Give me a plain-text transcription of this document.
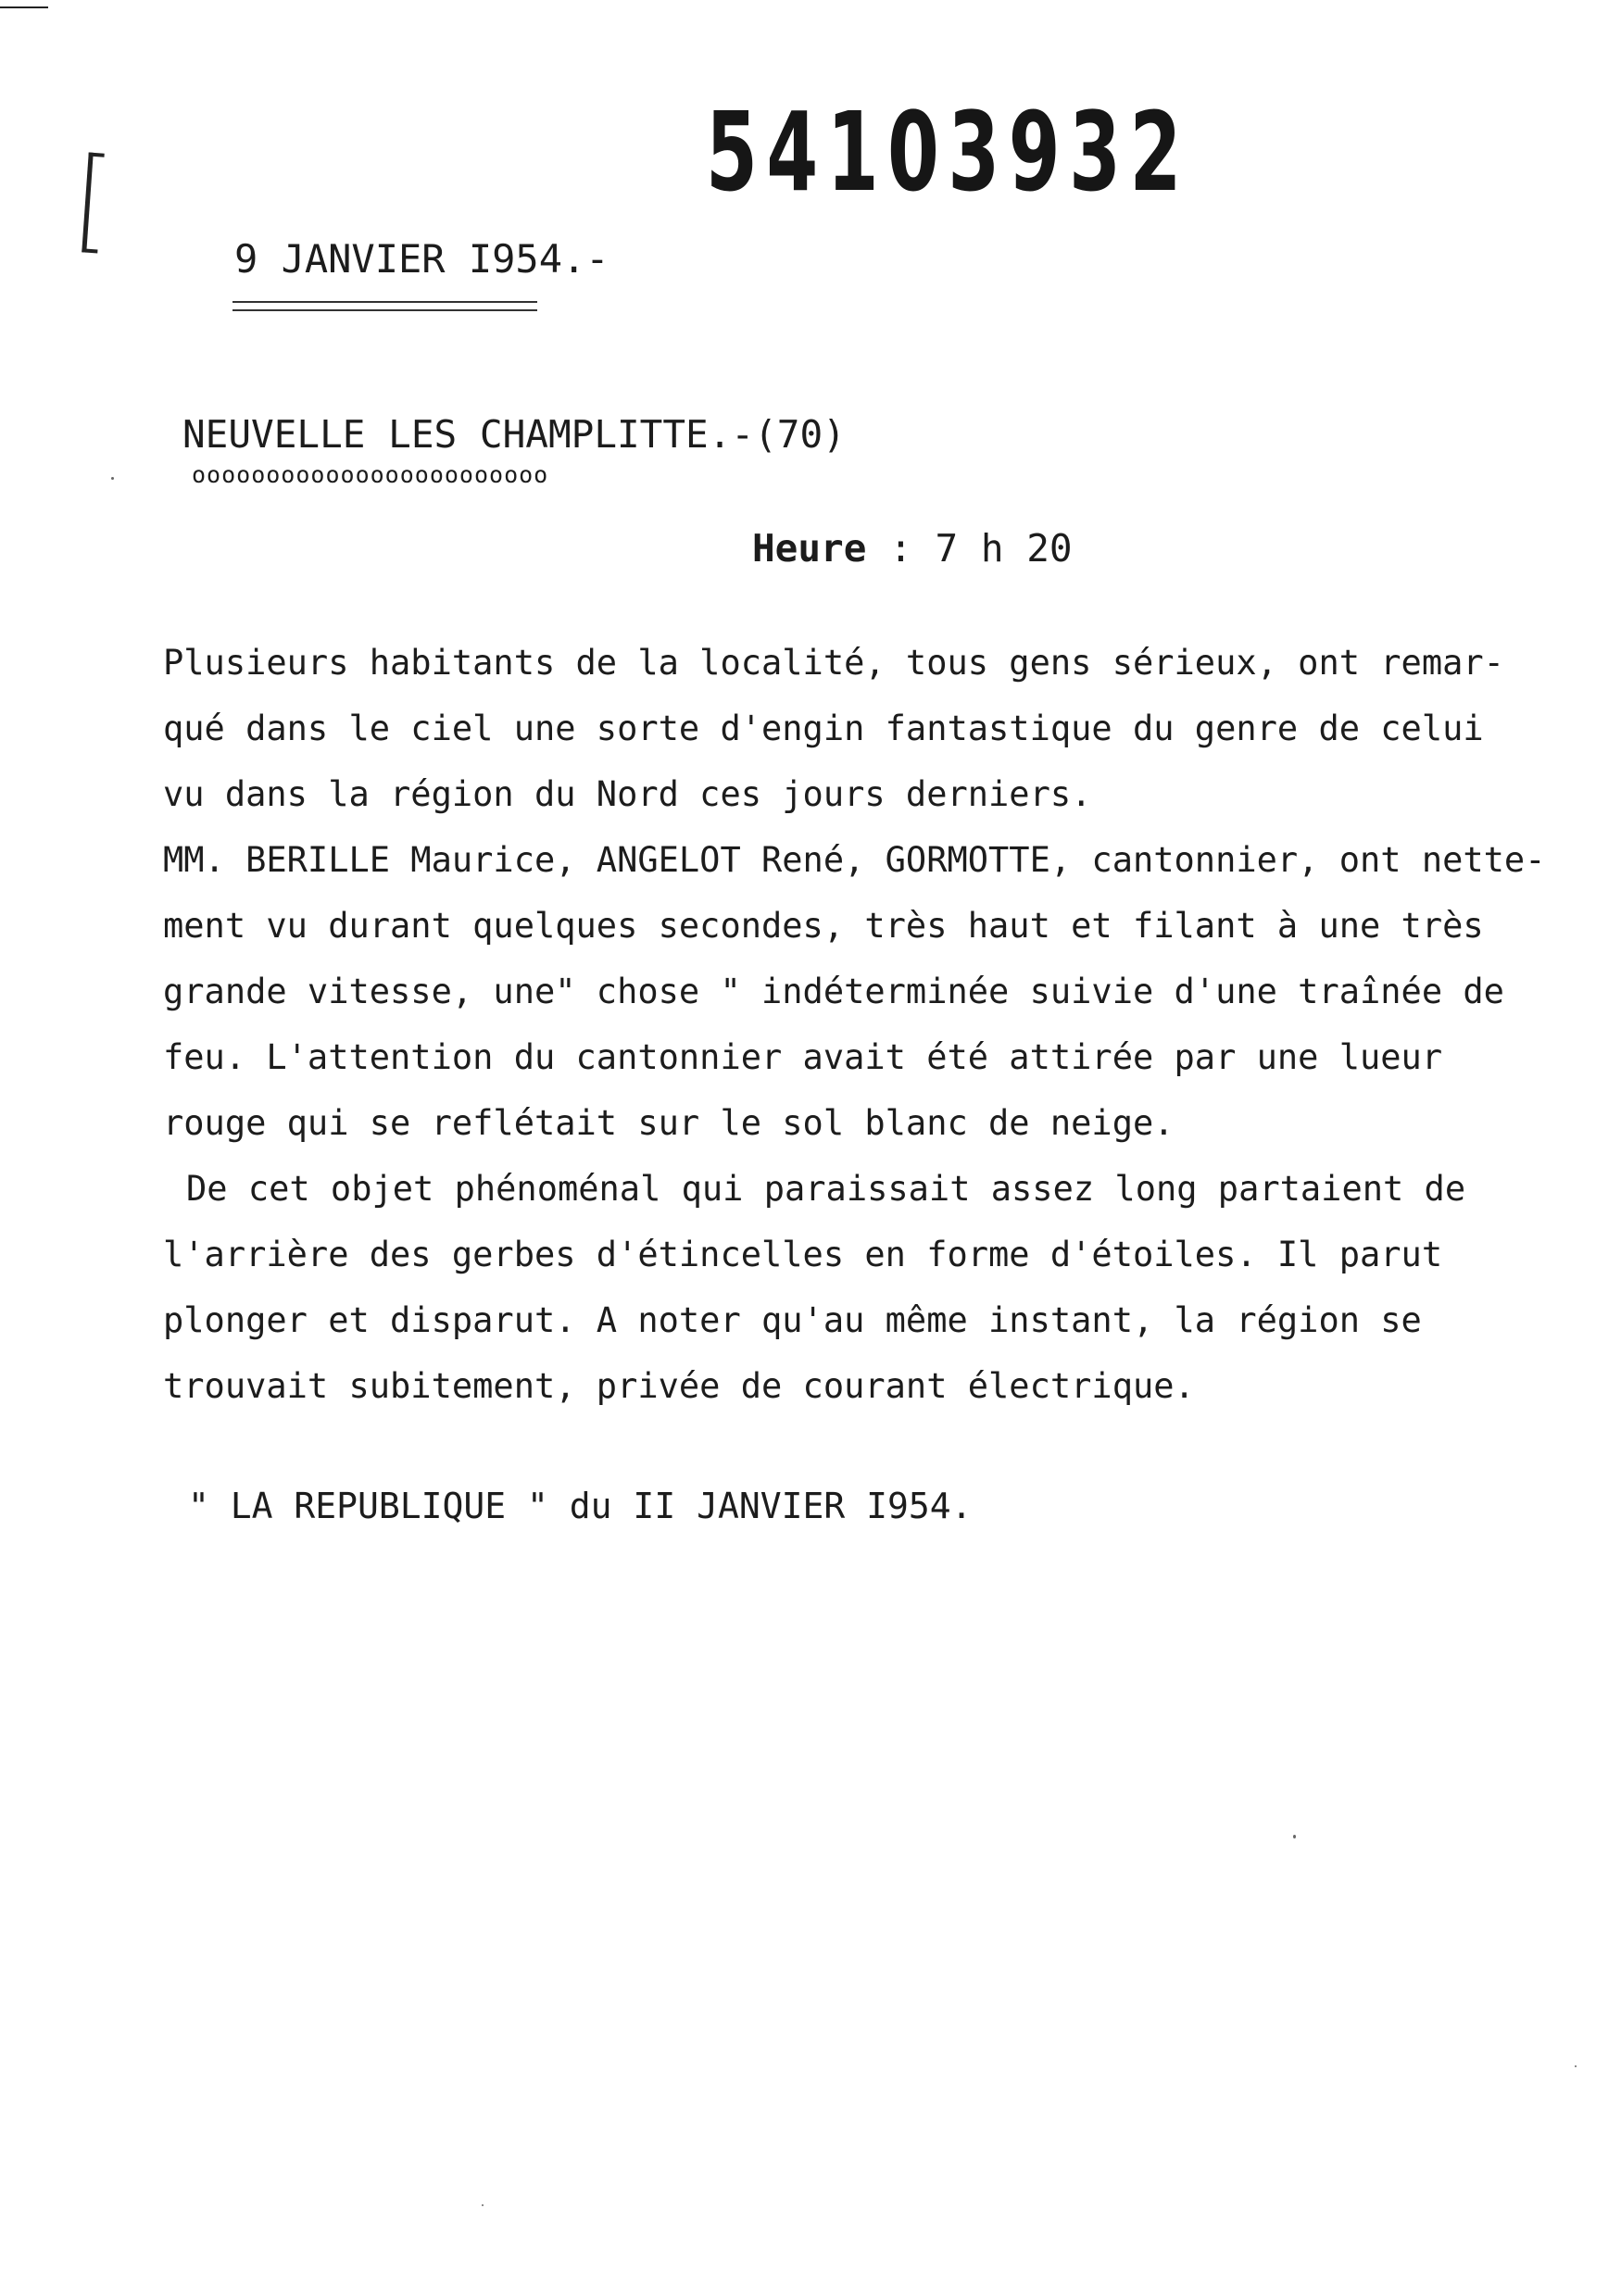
54103932
9 JANVIER I954.-
NEUVELLE LES CHAMPLITTE.-(70)
oooooooooooooooooooooooo
Heure : 7 h 20
Plusieurs habitants de la localité, tous gens sérieux, ont remar-
qué dans le ciel une sorte d'engin fantastique du genre de celui
vu dans la région du Nord ces jours derniers.
MM. BERILLE Maurice, ANGELOT René, GORMOTTE, cantonnier, ont nette-
ment vu durant quelques secondes, très haut et filant à une très
grande vitesse, une" chose " indéterminée suivie d'une traînée de
feu. L'attention du cantonnier avait été attirée par une lueur
rouge qui se reflétait sur le sol blanc de neige.
De cet objet phénoménal qui paraissait assez long partaient de
l'arrière des gerbes d'étincelles en forme d'étoiles. Il parut
plonger et disparut. A noter qu'au même instant, la région se
trouvait subitement, privée de courant électrique.
" LA REPUBLIQUE " du II JANVIER I954.
